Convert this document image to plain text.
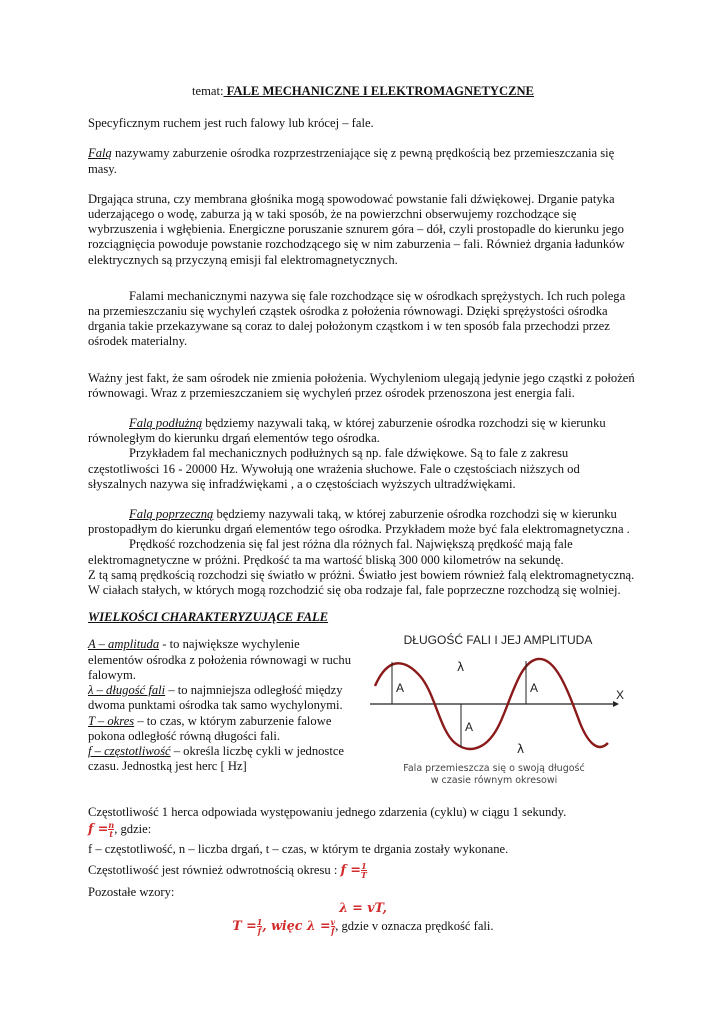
temat: FALE MECHANICZNE I ELEKTROMAGNETYCZNE

Specyficznym ruchem jest ruch falowy lub krócej – fale.

Falą nazywamy zaburzenie ośrodka rozprzestrzeniające się z pewną prędkością bez przemieszczania się masy.

Drgająca struna, czy membrana głośnika mogą spowodować powstanie fali dźwiękowej. Drganie patyka uderzającego o wodę, zaburza ją w taki sposób, że na powierzchni obserwujemy rozchodzące się wybrzuszenia i wgłębienia. Energiczne poruszanie sznurem góra – dół, czyli prostopadle do kierunku jego rozciągnięcia powoduje powstanie rozchodzącego się w nim zaburzenia – fali. Również drgania ładunków elektrycznych są przyczyną emisji fal elektromagnetycznych.

Falami mechanicznymi nazywa się fale rozchodzące się w ośrodkach sprężystych. Ich ruch polega na przemieszczaniu się wychyleń cząstek ośrodka z położenia równowagi. Dzięki sprężystości ośrodka drgania takie przekazywane są coraz to dalej położonym cząstkom i w ten sposób fala przechodzi przez ośrodek materialny.

Ważny jest fakt, że sam ośrodek nie zmienia położenia. Wychyleniom ulegają jedynie jego cząstki z położeń równowagi. Wraz z przemieszczaniem się wychyleń przez ośrodek przenoszona jest energia fali.

Falą podłużną będziemy nazywali taką, w której zaburzenie ośrodka rozchodzi się w kierunku równoległym do kierunku drgań elementów tego ośrodka.

Przykładem fal mechanicznych podłużnych są np. fale dźwiękowe. Są to fale z zakresu częstotliwości 16 - 20000 Hz. Wywołują one wrażenia słuchowe. Fale o częstościach niższych od słyszalnych nazywa się infradźwiękami , a o częstościach wyższych ultradźwiękami.

Falą poprzeczną będziemy nazywali taką, w której zaburzenie ośrodka rozchodzi się w kierunku prostopadłym do kierunku drgań elementów tego ośrodka. Przykładem może być fala elektromagnetyczna .

Prędkość rozchodzenia się fal jest różna dla różnych fal. Największą prędkość mają fale elektromagnetyczne w próżni. Prędkość ta ma wartość bliską 300 000 kilometrów na sekundę.

Z tą samą prędkością rozchodzi się światło w próżni. Światło jest bowiem również falą elektromagnetyczną.

W ciałach stałych, w których mogą rozchodzić się oba rodzaje fal, fale poprzeczne rozchodzą się wolniej.

WIELKOŚCI CHARAKTERYZUJĄCE FALE

A – amplituda - to największe wychylenie elementów ośrodka z położenia równowagi w ruchu falowym.

λ – długość fali – to najmniejsza odległość między dwoma punktami ośrodka tak samo wychylonymi.

T – okres – to czas, w którym zaburzenie falowe pokona odległość równą długości fali.

f – częstotliwość – określa liczbę cykli w jednostce czasu. Jednostką jest herc [ Hz]

DŁUGOŚĆ FALI I JEJ AMPLITUDA
X
A	A
A
λ
λ
Fala przemieszcza się o swoją długość
w czasie równym okresowi

Częstotliwość 1 herca odpowiada występowaniu jednego zdarzenia (cyklu) w ciągu 1 sekundy.

$f = \frac{n}{t}$ , gdzie:

f – częstotliwość, n – liczba drgań, t – czas, w którym te drgania zostały wykonane.

Częstotliwość jest również odwrotnością okresu : $f = \frac{1}{T}$

Pozostałe wzory:

λ = vT,

$T = \frac{1}{f}$ , więc $\lambda = \frac{v}{f}$ , gdzie v oznacza prędkość fali.
